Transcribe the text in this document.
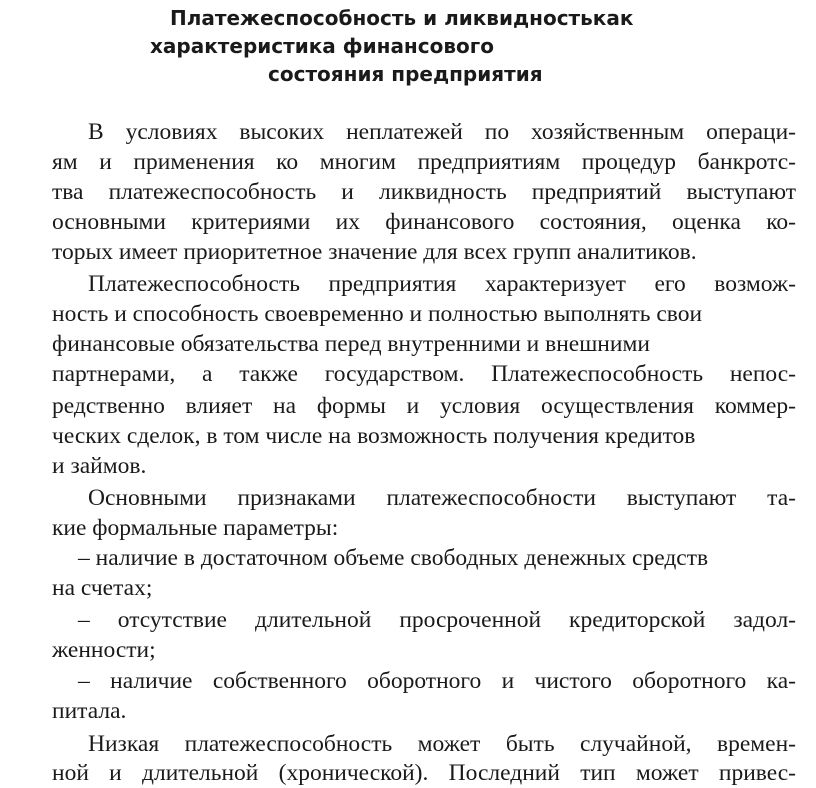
Платежеспособность и ликвидностькак
характеристика финансового
состояния предприятия
В условиях высоких неплатежей по хозяйственным операци-
ям и применения ко многим предприятиям процедур банкротс-
тва платежеспособность и ликвидность предприятий выступают
основными критериями их финансового состояния, оценка ко-
торых имеет приоритетное значение для всех групп аналитиков.
Платежеспособность предприятия характеризует его возмож-
ность и способность своевременно и полностью выполнять свои
финансовые обязательства перед внутренними и внешними
партнерами, а также государством. Платежеспособность непос-
редственно влияет на формы и условия осуществления коммер-
ческих сделок, в том числе на возможность получения кредитов
и займов.
Основными признаками платежеспособности выступают та-
кие формальные параметры:
– наличие в достаточном объеме свободных денежных средств
на счетах;
– отсутствие длительной просроченной кредиторской задол-
женности;
– наличие собственного оборотного и чистого оборотного ка-
питала.
Низкая платежеспособность может быть случайной, времен-
ной и длительной (хронической). Последний тип может привес-
